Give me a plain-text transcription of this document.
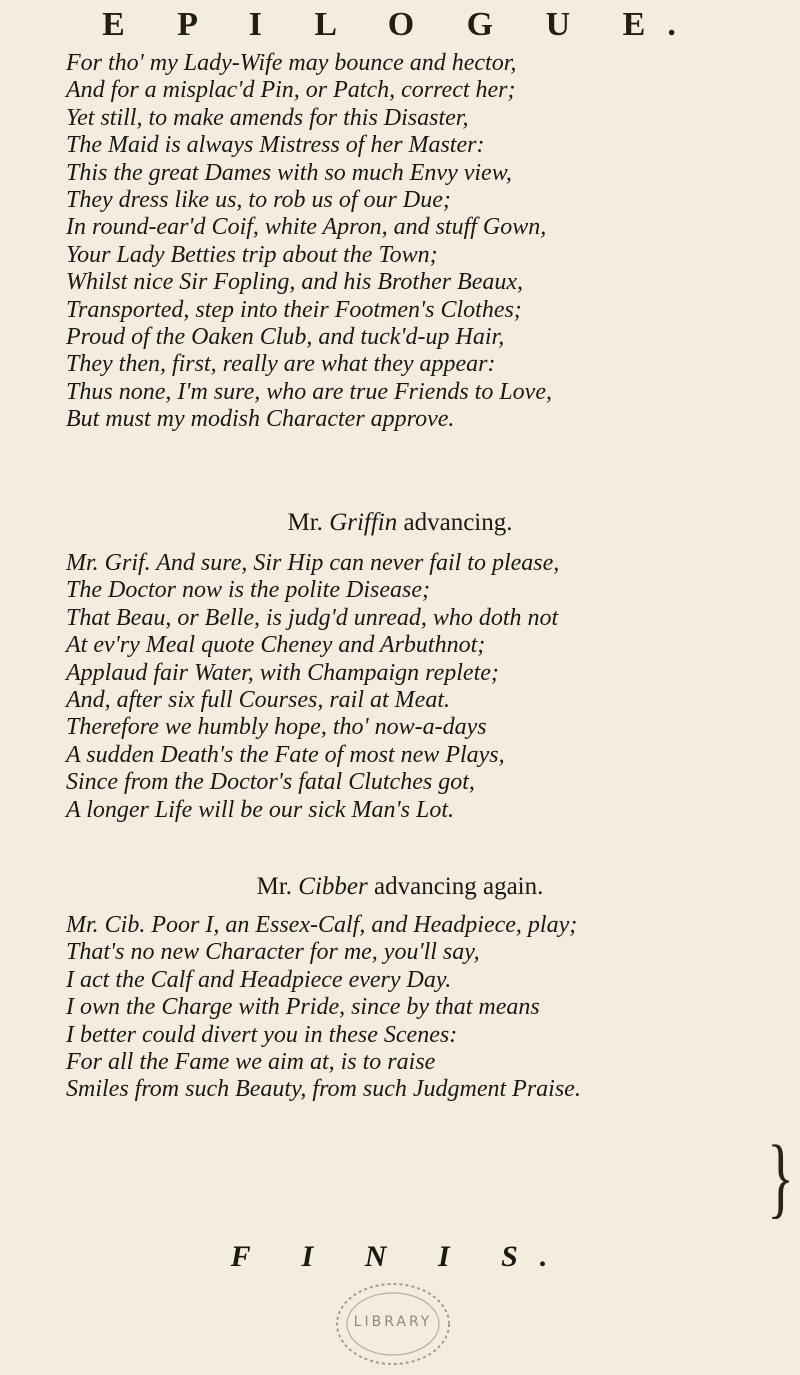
E P I L O G U E.
For tho' my Lady-Wife may bounce and hector,
And for a misplac'd Pin, or Patch, correct her;
Yet still, to make amends for this Disaster,
The Maid is always Mistress of her Master:
This the great Dames with so much Envy view,
They dress like us, to rob us of our Due;
In round-ear'd Coif, white Apron, and stuff Gown,
Your Lady Betties trip about the Town;
Whilst nice Sir Fopling, and his Brother Beaux,
Transported, step into their Footmen's Clothes;
Proud of the Oaken Club, and tuck'd-up Hair,
They then, first, really are what they appear:
Thus none, I'm sure, who are true Friends to Love,
But must my modish Character approve.
Mr. Griffin advancing.
Mr. Grif. And sure, Sir Hip can never fail to please,
The Doctor now is the polite Disease;
That Beau, or Belle, is judg'd unread, who doth not
At ev'ry Meal quote Cheney and Arbuthnot;
Applaud fair Water, with Champaign replete;
And, after six full Courses, rail at Meat.
Therefore we humbly hope, tho' now-a-days
A sudden Death's the Fate of most new Plays,
Since from the Doctor's fatal Clutches got,
A longer Life will be our sick Man's Lot.
Mr. Cibber advancing again.
Mr. Cib. Poor I, an Essex-Calf, and Headpiece, play;
That's no new Character for me, you'll say,
I act the Calf and Headpiece every Day.
I own the Charge with Pride, since by that means
I better could divert you in these Scenes:
For all the Fame we aim at, is to raise
Smiles from such Beauty, from such Judgment Praise.
}
F I N I S.
LIBRARY
